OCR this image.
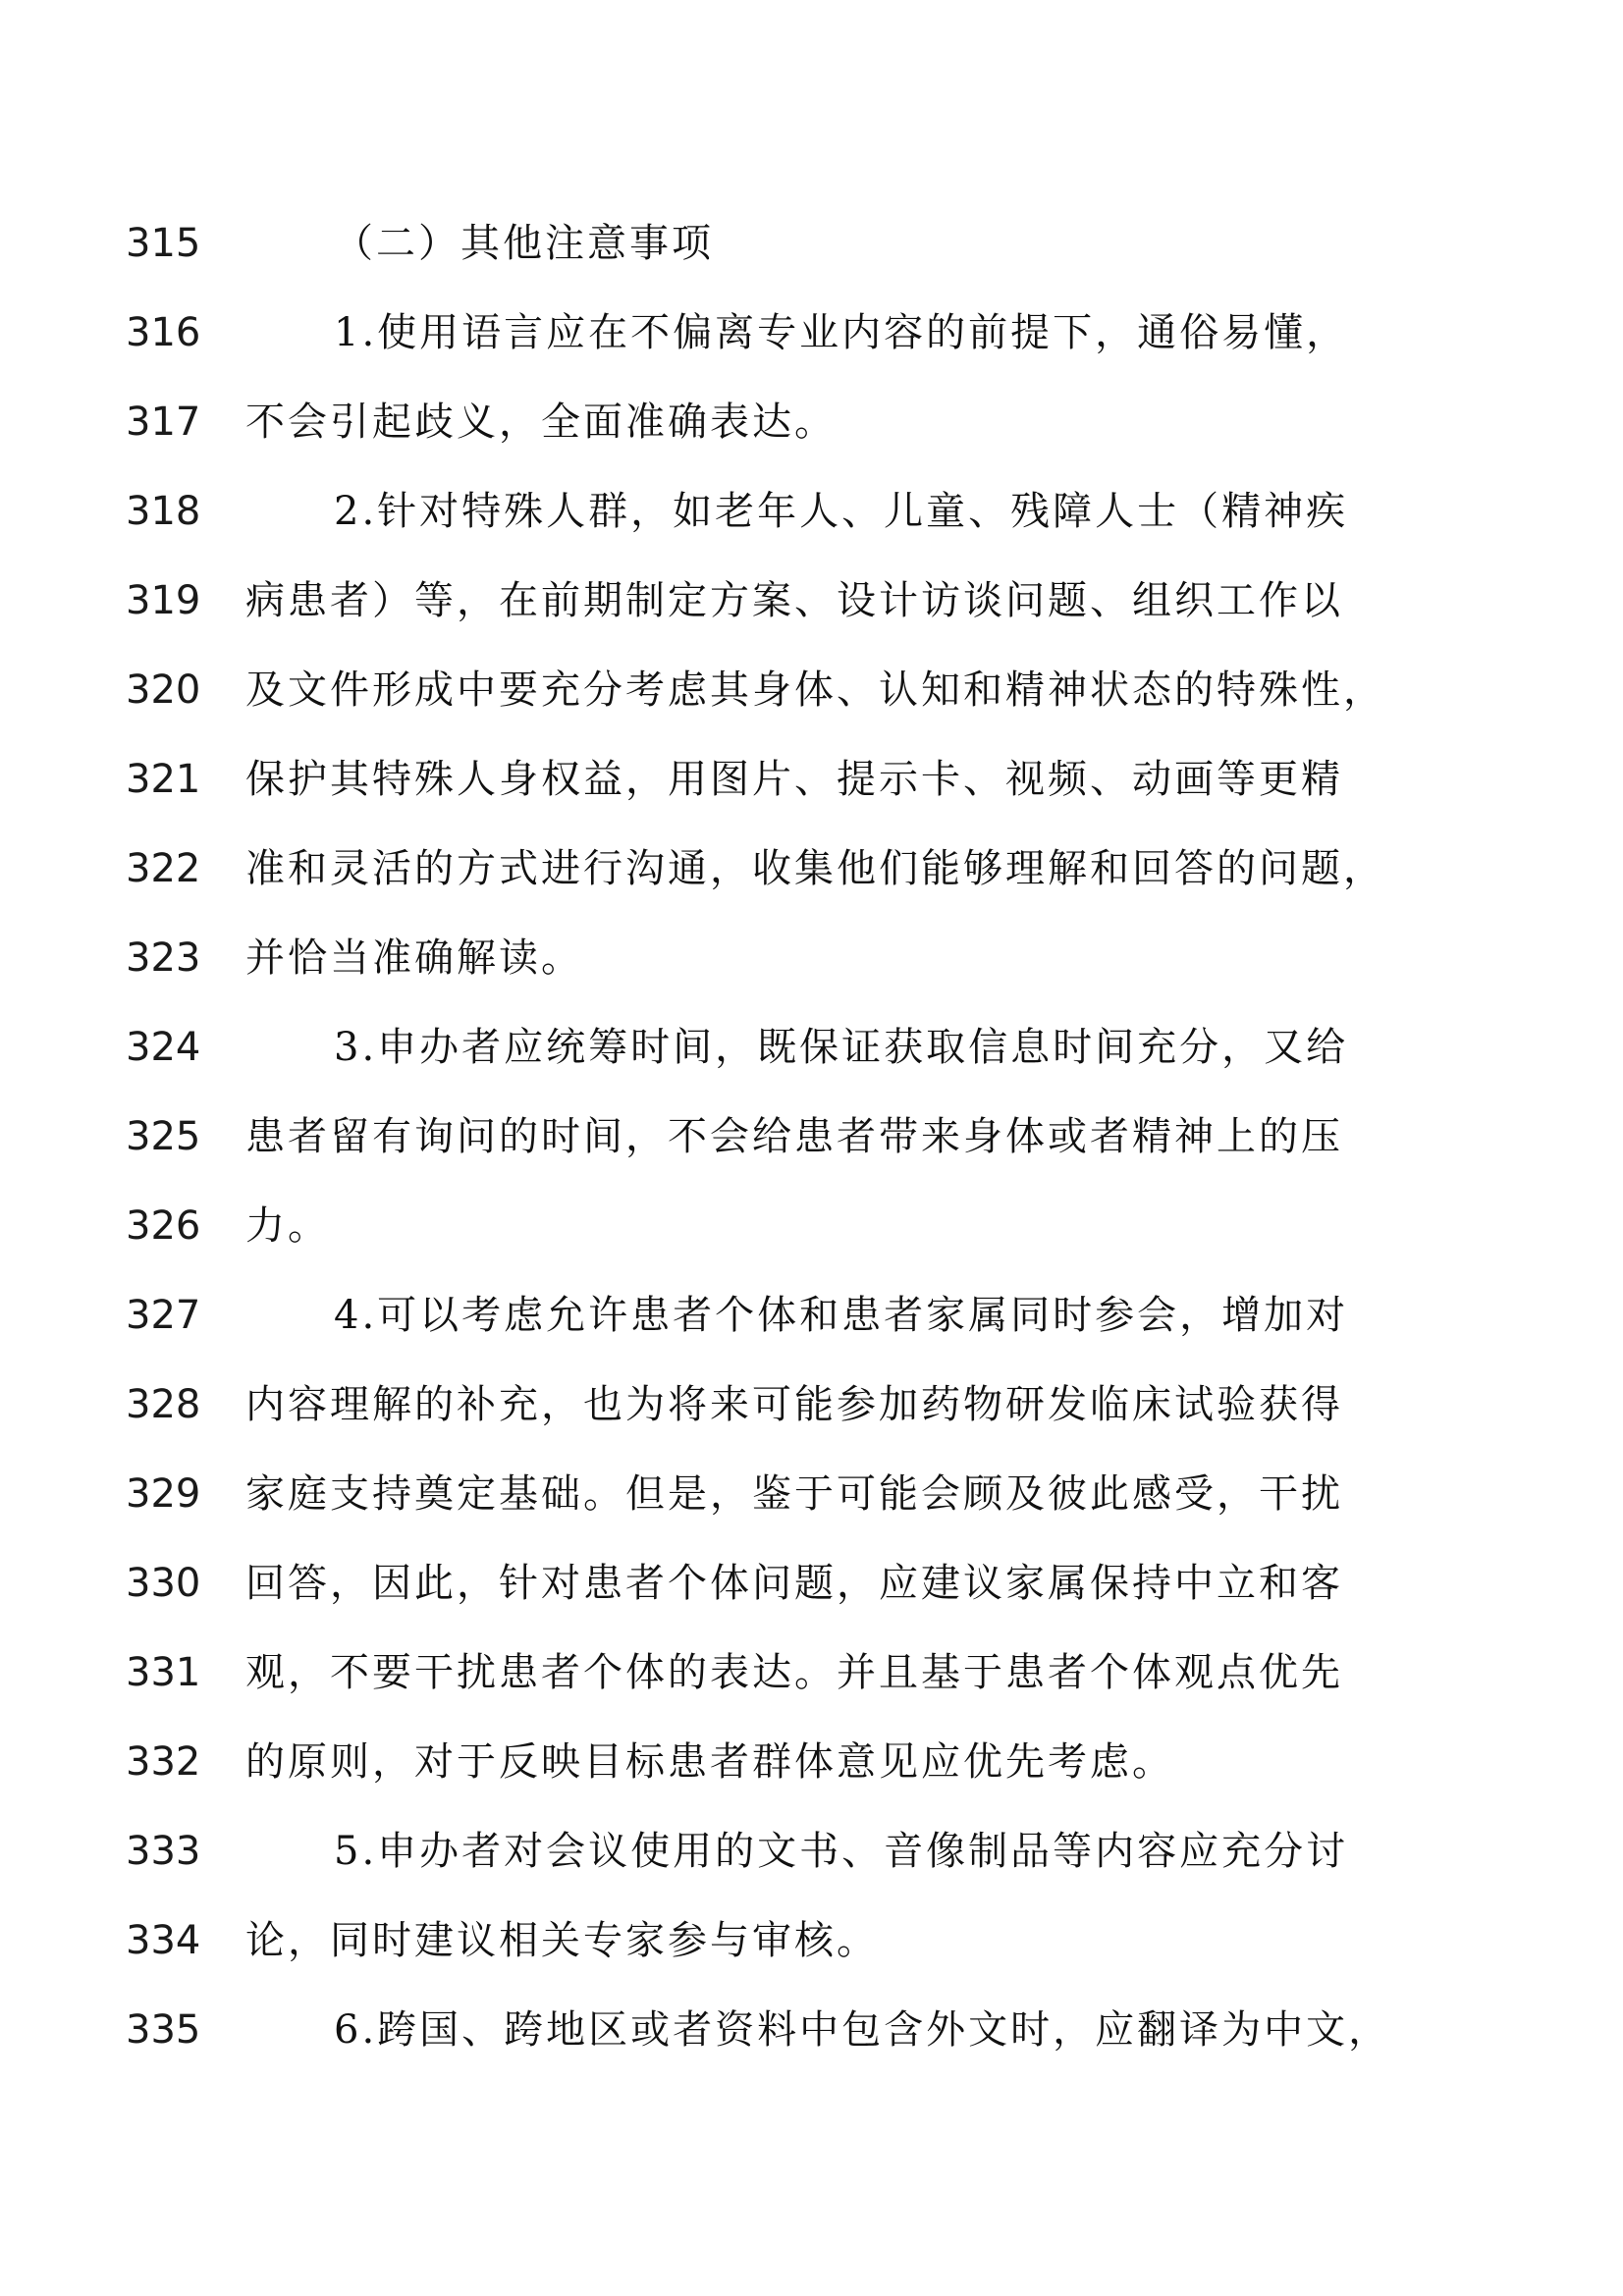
315	（二）其他注意事项
316	1.使用语言应在不偏离专业内容的前提下，通俗易懂，
317	不会引起歧义，全面准确表达。
318	2.针对特殊人群，如老年人、儿童、残障人士（精神疾
319	病患者）等，在前期制定方案、设计访谈问题、组织工作以
320	及文件形成中要充分考虑其身体、认知和精神状态的特殊性，
321	保护其特殊人身权益，用图片、提示卡、视频、动画等更精
322	准和灵活的方式进行沟通，收集他们能够理解和回答的问题，
323	并恰当准确解读。
324	3.申办者应统筹时间，既保证获取信息时间充分，又给
325	患者留有询问的时间，不会给患者带来身体或者精神上的压
326	力。
327	4.可以考虑允许患者个体和患者家属同时参会，增加对
328	内容理解的补充，也为将来可能参加药物研发临床试验获得
329	家庭支持奠定基础。但是，鉴于可能会顾及彼此感受，干扰
330	回答，因此，针对患者个体问题，应建议家属保持中立和客
331	观，不要干扰患者个体的表达。并且基于患者个体观点优先
332	的原则，对于反映目标患者群体意见应优先考虑。
333	5.申办者对会议使用的文书、音像制品等内容应充分讨
334	论，同时建议相关专家参与审核。
335	6.跨国、跨地区或者资料中包含外文时，应翻译为中文，
